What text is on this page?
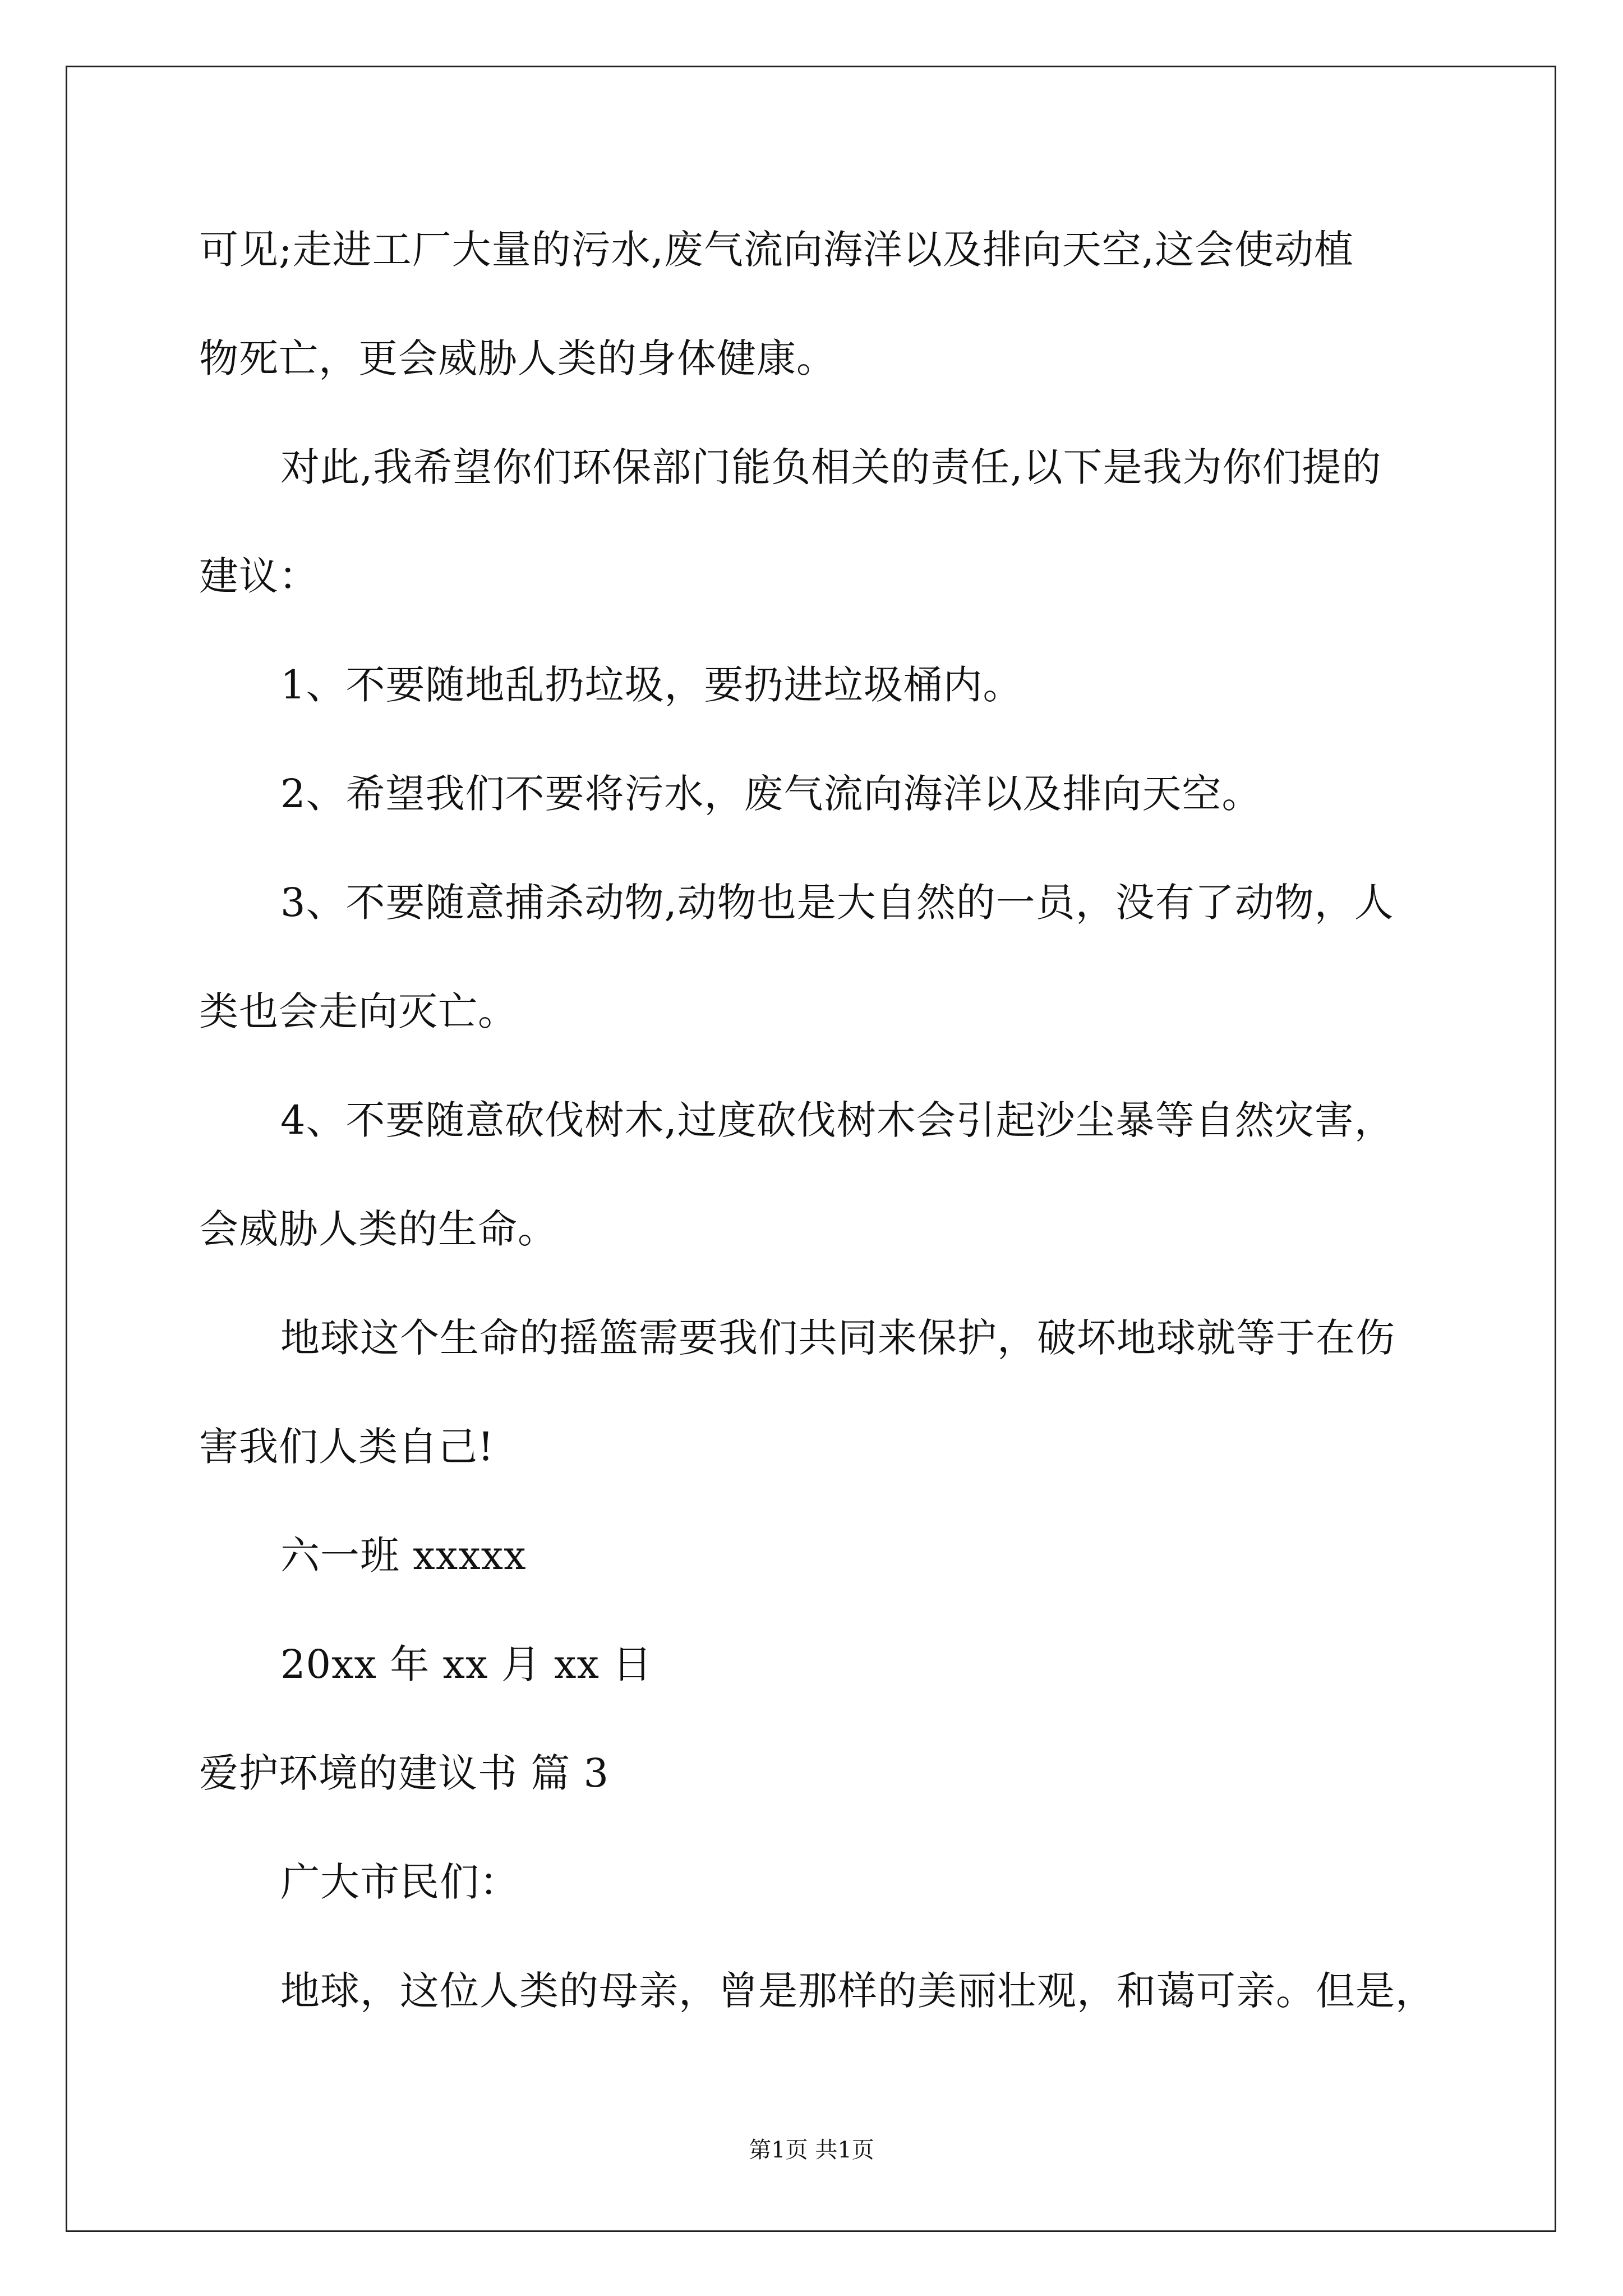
可见;走进工厂大量的污水,废气流向海洋以及排向天空,这会使动植
物死亡，更会威胁人类的身体健康。
对此,我希望你们环保部门能负相关的责任,以下是我为你们提的
建议：
1、不要随地乱扔垃圾，要扔进垃圾桶内。
2、希望我们不要将污水，废气流向海洋以及排向天空。
3、不要随意捕杀动物,动物也是大自然的一员，没有了动物，人
类也会走向灭亡。
4、不要随意砍伐树木,过度砍伐树木会引起沙尘暴等自然灾害，
会威胁人类的生命。
地球这个生命的摇篮需要我们共同来保护，破坏地球就等于在伤
害我们人类自己!
六一班 xxxxx
20xx 年 xx 月 xx 日
爱护环境的建议书 篇 3
广大市民们：
地球，这位人类的母亲，曾是那样的美丽壮观，和蔼可亲。但是，
第1页 共1页
